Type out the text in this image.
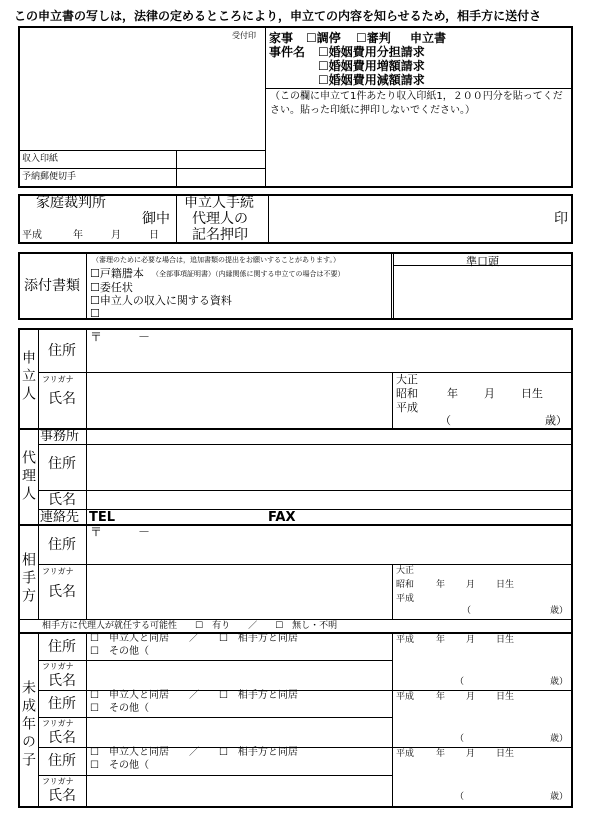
この申立書の写しは，法律の定めるところにより，申立ての内容を知らせるため，相手方に送付さ
受付印
収入印紙
予納郵便切手
家事 ☐調停 ☐審判 申立書
事件名 ☐婚姻費用分担請求
☐婚姻費用増額請求
☐婚姻費用減額請求
（この欄に申立て1件あたり収入印紙1，２００円分を貼ってください。貼った印紙に押印しないでください。）
家庭裁判所
御中
平成	年	月	日
申立人手続
代理人の
記名押印
印
添付書類
（審理のために必要な場合は，追加書類の提出をお願いすることがあります。）
☐戸籍謄本 （全部事項証明書）（内縁関係に関する申立ての場合は不要）
☐委任状
☐申立人の収入に関する資料
☐
準口頭
申立人 住所
〒　　　－
フリガナ
氏名
大正
昭和
平成
年 月 日生
（	歳）
代理人
事務所
住所
氏名
連絡先 TEL	FAX
相手方
住所
〒　　　－
フリガナ
氏名
大正
昭和
平成
年 月 日生
（	歳）
相手方に代理人が就任する可能性　　☐　有り　　／　　☐　無し・不明
未成年の子
住所
☐　申立人と同居　　／　　☐　相手方と同居
☐　その他（
フリガナ
氏名
平成 年 月 日生
（	歳）
住所
☐　申立人と同居　　／　　☐　相手方と同居
☐　その他（
フリガナ
氏名
平成 年 月 日生
（	歳）
住所
☐　申立人と同居　　／　　☐　相手方と同居
☐　その他（
フリガナ
氏名
平成 年 月 日生
（	歳）
